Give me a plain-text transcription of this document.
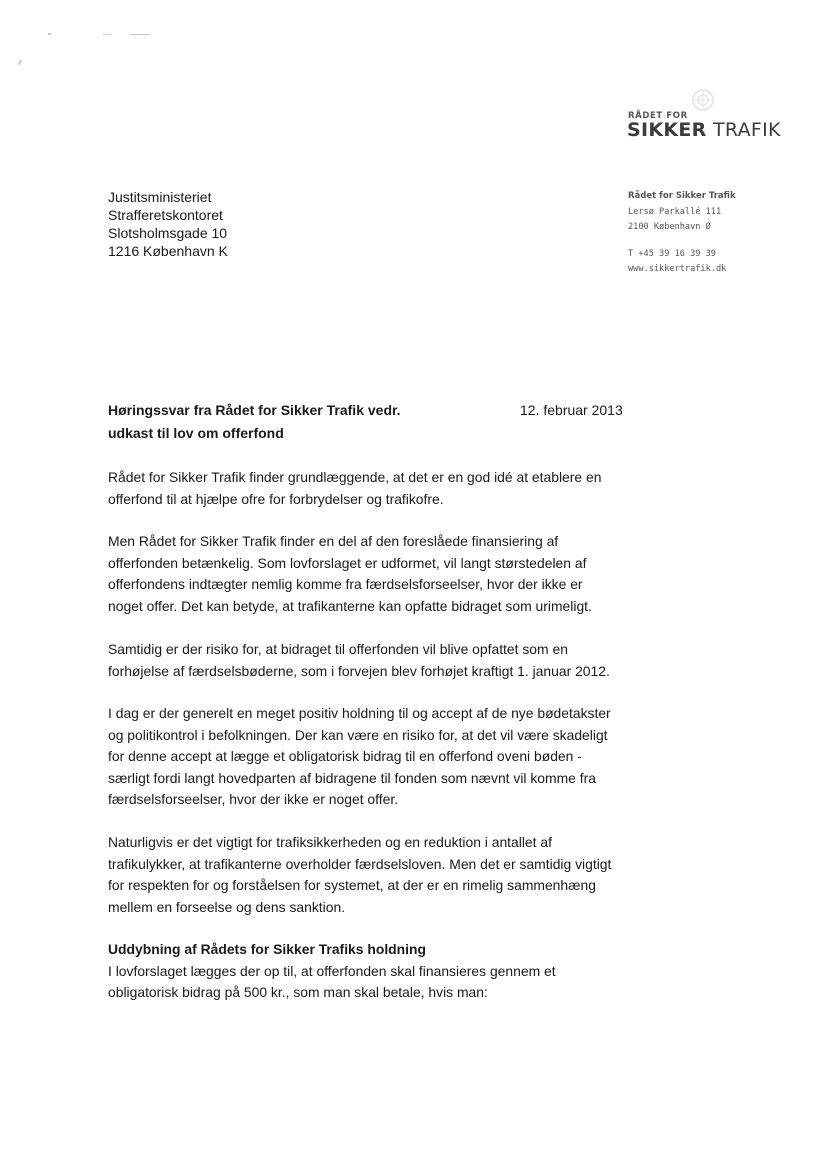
RÅDET FOR
SIKKER TRAFIK
Rådet for Sikker Trafik
Lersø Parkallé 111
2100 København Ø
T +45 39 16 39 39
www.sikkertrafik.dk
Justitsministeriet
Strafferetskontoret
Slotsholmsgade 10
1216 København K
Høringssvar fra Rådet for Sikker Trafik vedr.
udkast til lov om offerfond
12. februar 2013

Rådet for Sikker Trafik finder grundlæggende, at det er en god idé at etablere en
offerfond til at hjælpe ofre for forbrydelser og trafikofre.

Men Rådet for Sikker Trafik finder en del af den foreslåede finansiering af
offerfonden betænkelig. Som lovforslaget er udformet, vil langt størstedelen af
offerfondens indtægter nemlig komme fra færdselsforseelser, hvor der ikke er
noget offer. Det kan betyde, at trafikanterne kan opfatte bidraget som urimeligt.

Samtidig er der risiko for, at bidraget til offerfonden vil blive opfattet som en
forhøjelse af færdselsbøderne, som i forvejen blev forhøjet kraftigt 1. januar 2012.

I dag er der generelt en meget positiv holdning til og accept af de nye bødetakster
og politikontrol i befolkningen. Der kan være en risiko for, at det vil være skadeligt
for denne accept at lægge et obligatorisk bidrag til en offerfond oveni bøden -
særligt fordi langt hovedparten af bidragene til fonden som nævnt vil komme fra
færdselsforseelser, hvor der ikke er noget offer.

Naturligvis er det vigtigt for trafiksikkerheden og en reduktion i antallet af
trafikulykker, at trafikanterne overholder færdselsloven. Men det er samtidig vigtigt
for respekten for og forståelsen for systemet, at der er en rimelig sammenhæng
mellem en forseelse og dens sanktion.

Uddybning af Rådets for Sikker Trafiks holdning
I lovforslaget lægges der op til, at offerfonden skal finansieres gennem et
obligatorisk bidrag på 500 kr., som man skal betale, hvis man:
